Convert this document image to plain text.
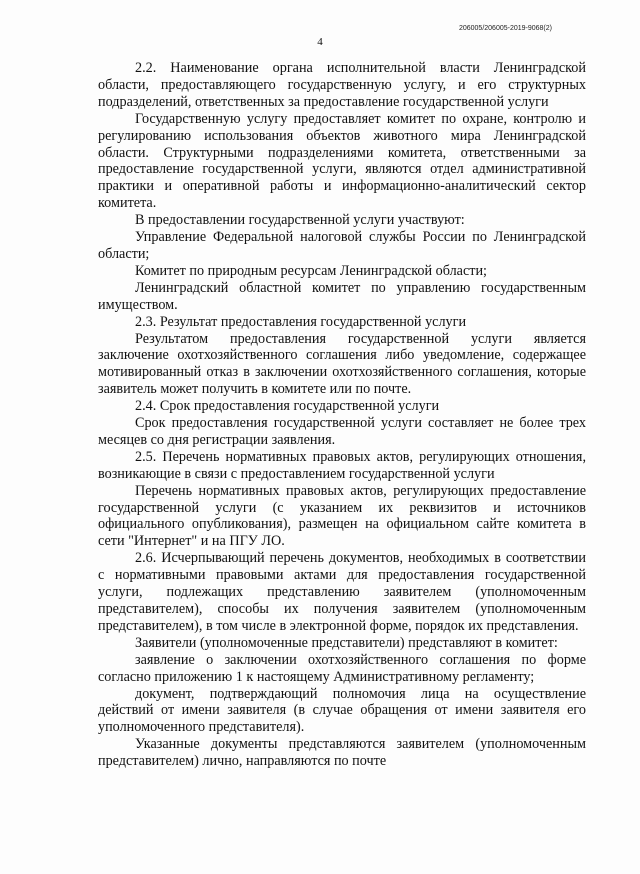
206005/206005-2019-9068(2)
4

2.2. Наименование органа исполнительной власти Ленинградской области, предоставляющего государственную услугу, и его структурных подразделений, ответственных за предоставление государственной услуги

Государственную услугу предоставляет комитет по охране, контролю и регулированию использования объектов животного мира Ленинградской области. Структурными подразделениями комитета, ответственными за предоставление государственной услуги, являются отдел административной практики и оперативной работы и информационно-аналитический сектор комитета.

В предоставлении государственной услуги участвуют:

Управление Федеральной налоговой службы России по Ленинградской области;

Комитет по природным ресурсам Ленинградской области;

Ленинградский областной комитет по управлению государственным имуществом.

2.3. Результат предоставления государственной услуги

Результатом предоставления государственной услуги является заключение охотхозяйственного соглашения либо уведомление, содержащее мотивированный отказ в заключении охотхозяйственного соглашения, которые заявитель может получить в комитете или по почте.

2.4. Срок предоставления государственной услуги

Срок предоставления государственной услуги составляет не более трех месяцев со дня регистрации заявления.

2.5. Перечень нормативных правовых актов, регулирующих отношения, возникающие в связи с предоставлением государственной услуги

Перечень нормативных правовых актов, регулирующих предоставление государственной услуги (с указанием их реквизитов и источников официального опубликования), размещен на официальном сайте комитета в сети "Интернет" и на ПГУ ЛО.

2.6. Исчерпывающий перечень документов, необходимых в соответствии с нормативными правовыми актами для предоставления государственной услуги, подлежащих представлению заявителем (уполномоченным представителем), способы их получения заявителем (уполномоченным представителем), в том числе в электронной форме, порядок их представления.

Заявители (уполномоченные представители) представляют в комитет:

заявление о заключении охотхозяйственного соглашения по форме согласно приложению 1 к настоящему Административному регламенту;

документ, подтверждающий полномочия лица на осуществление действий от имени заявителя (в случае обращения от имени заявителя его уполномоченного представителя).

Указанные документы представляются заявителем (уполномоченным представителем) лично, направляются по почте
